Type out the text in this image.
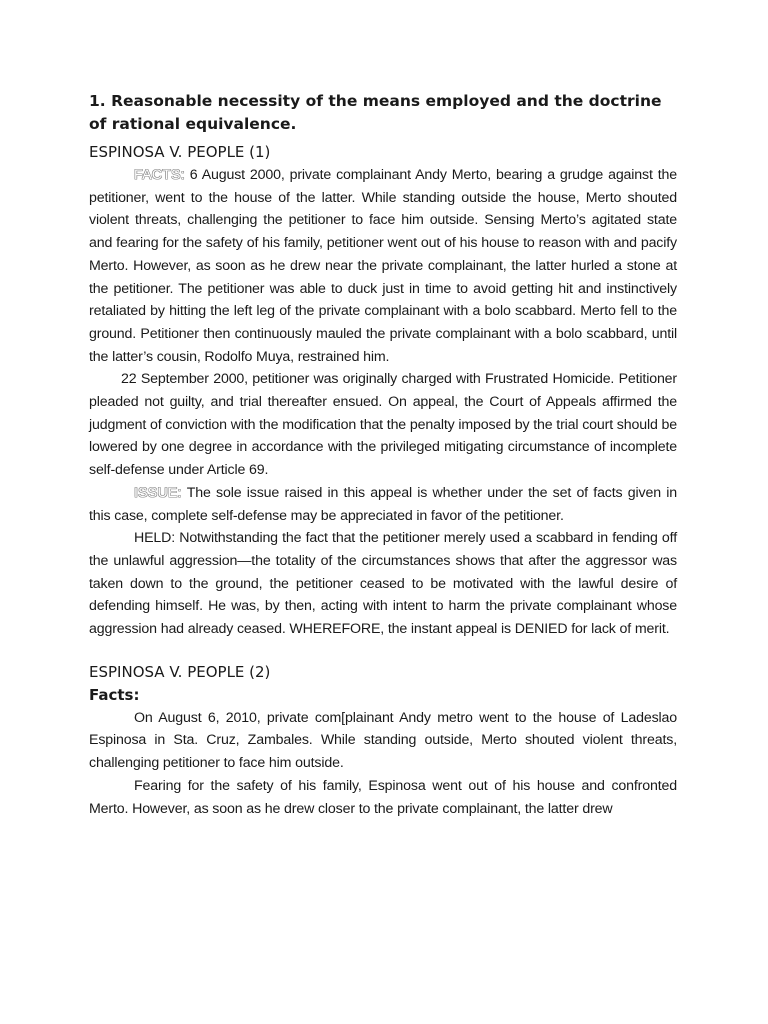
1. Reasonable necessity of the means employed and the doctrine of rational equivalence.

ESPINOSA V. PEOPLE (1)

FACTS: 6 August 2000, private complainant Andy Merto, bearing a grudge against the petitioner, went to the house of the latter. While standing outside the house, Merto shouted violent threats, challenging the petitioner to face him outside. Sensing Merto’s agitated state and fearing for the safety of his family, petitioner went out of his house to reason with and pacify Merto. However, as soon as he drew near the private complainant, the latter hurled a stone at the petitioner. The petitioner was able to duck just in time to avoid getting hit and instinctively retaliated by hitting the left leg of the private complainant with a bolo scabbard. Merto fell to the ground. Petitioner then continuously mauled the private complainant with a bolo scabbard, until the latter’s cousin, Rodolfo Muya, restrained him.

22 September 2000, petitioner was originally charged with Frustrated Homicide. Petitioner pleaded not guilty, and trial thereafter ensued. On appeal, the Court of Appeals affirmed the judgment of conviction with the modification that the penalty imposed by the trial court should be lowered by one degree in accordance with the privileged mitigating circumstance of incomplete self-defense under Article 69.

ISSUE: The sole issue raised in this appeal is whether under the set of facts given in this case, complete self-defense may be appreciated in favor of the petitioner.

HELD: Notwithstanding the fact that the petitioner merely used a scabbard in fending off the unlawful aggression—the totality of the circumstances shows that after the aggressor was taken down to the ground, the petitioner ceased to be motivated with the lawful desire of defending himself. He was, by then, acting with intent to harm the private complainant whose aggression had already ceased. WHEREFORE, the instant appeal is DENIED for lack of merit.

ESPINOSA V. PEOPLE (2)

Facts:

On August 6, 2010, private com[plainant Andy metro went to the house of Ladeslao Espinosa in Sta. Cruz, Zambales. While standing outside, Merto shouted violent threats, challenging petitioner to face him outside.

Fearing for the safety of his family, Espinosa went out of his house and confronted Merto. However, as soon as he drew closer to the private complainant, the latter drew
